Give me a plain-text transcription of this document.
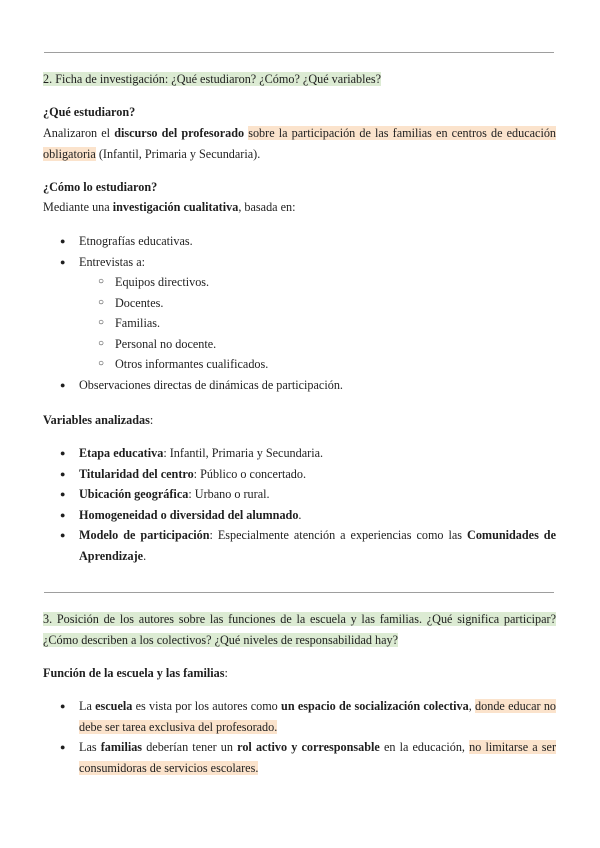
2. Ficha de investigación: ¿Qué estudiaron? ¿Cómo? ¿Qué variables?
¿Qué estudiaron?
Analizaron el discurso del profesorado sobre la participación de las familias en centros de educación obligatoria (Infantil, Primaria y Secundaria).
¿Cómo lo estudiaron?
Mediante una investigación cualitativa, basada en:
● Etnografías educativas.
● Entrevistas a:
○ Equipos directivos.
○ Docentes.
○ Familias.
○ Personal no docente.
○ Otros informantes cualificados.
● Observaciones directas de dinámicas de participación.
Variables analizadas:
● Etapa educativa: Infantil, Primaria y Secundaria.
● Titularidad del centro: Público o concertado.
● Ubicación geográfica: Urbano o rural.
● Homogeneidad o diversidad del alumnado.
● Modelo de participación: Especialmente atención a experiencias como las Comunidades de Aprendizaje.
3. Posición de los autores sobre las funciones de la escuela y las familias. ¿Qué significa participar? ¿Cómo describen a los colectivos? ¿Qué niveles de responsabilidad hay?
Función de la escuela y las familias:
● La escuela es vista por los autores como un espacio de socialización colectiva, donde educar no debe ser tarea exclusiva del profesorado.
● Las familias deberían tener un rol activo y corresponsable en la educación, no limitarse a ser consumidoras de servicios escolares.
